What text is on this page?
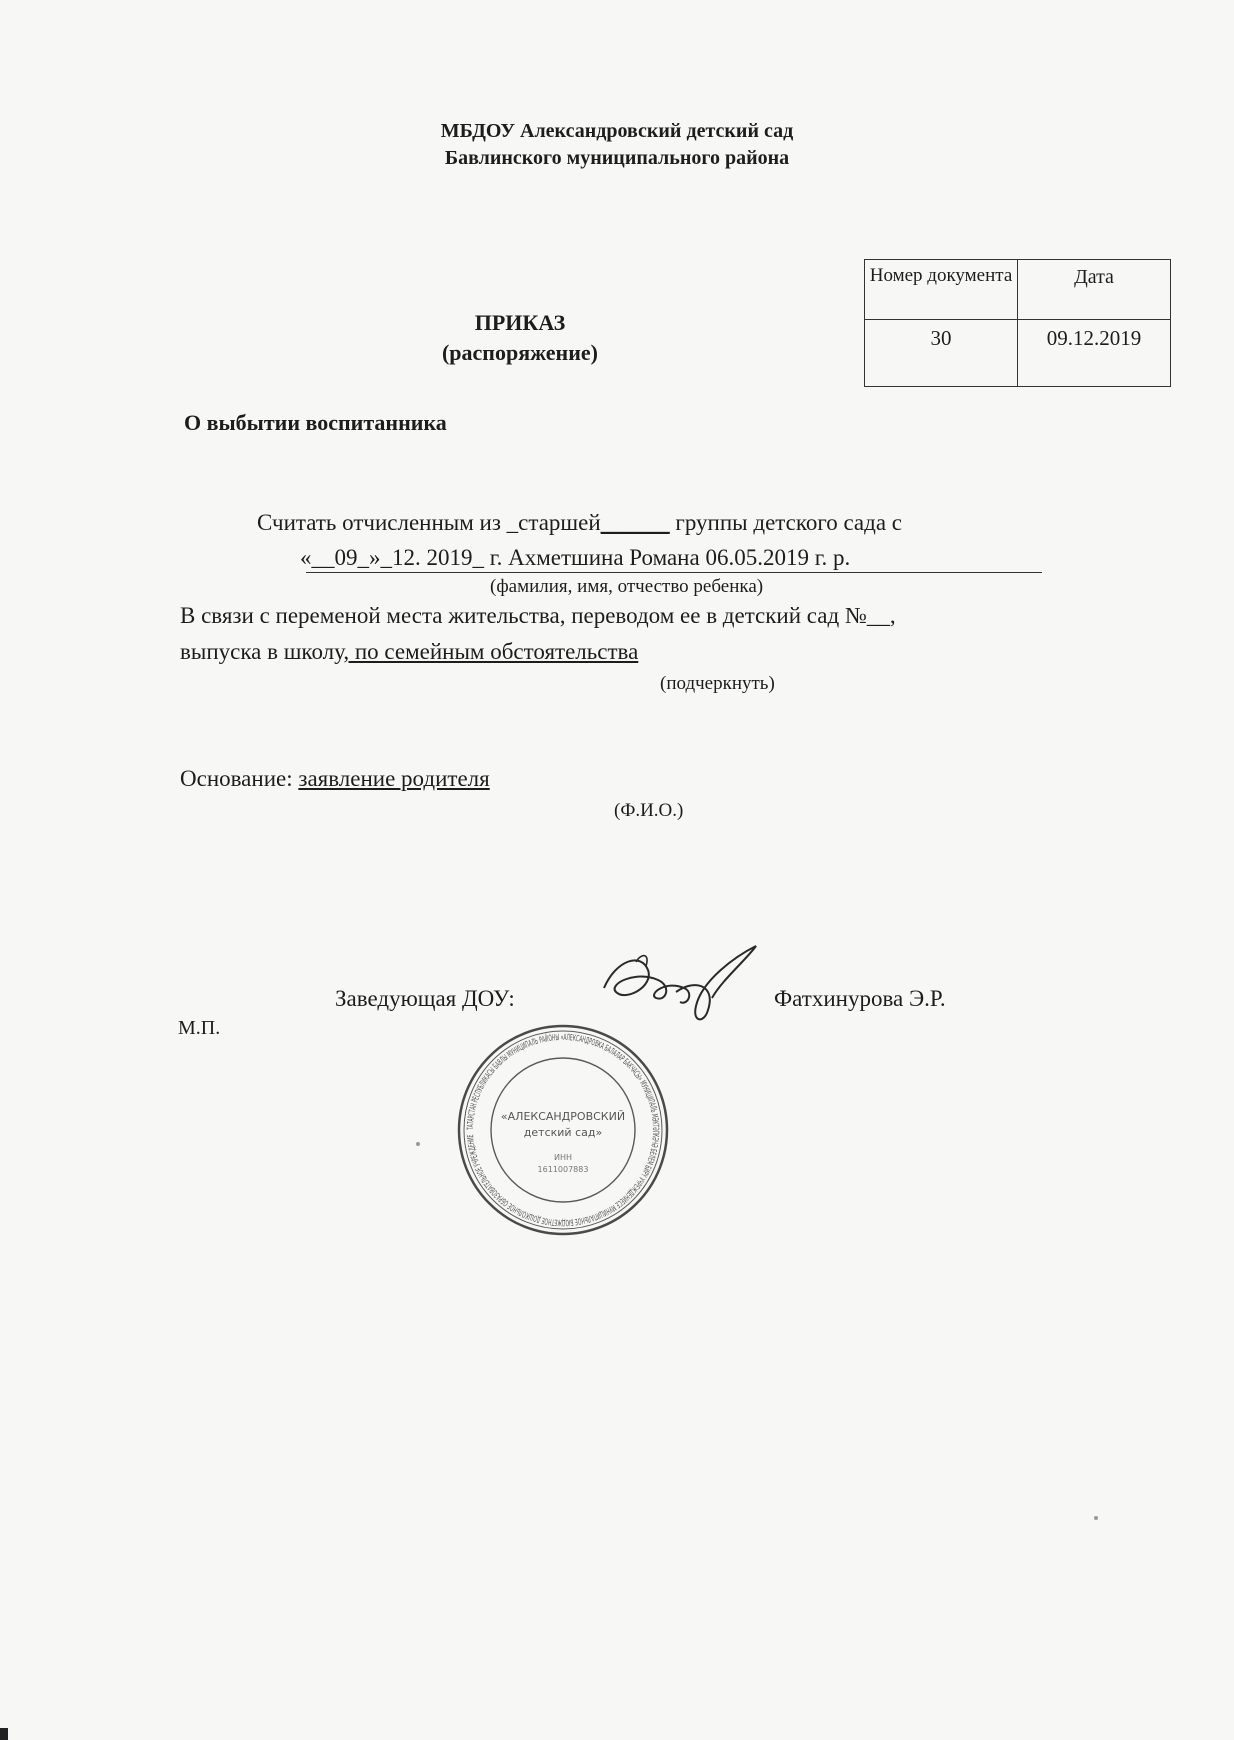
МБДОУ Александровский детский сад
Бавлинского муниципального района
Номер документа	Дата
30	09.12.2019
ПРИКАЗ
(распоряжение)
О выбытии воспитанника
Считать отчисленным из _старшей______ группы детского сада с
«__09_»_12. 2019_ г. Ахметшина Романа 06.05.2019 г. р.
(фамилия, имя, отчество ребенка)
В связи с переменой места жительства, переводом ее в детский сад №__,
выпуска в школу, по семейным обстоятельства
(подчеркнуть)
Основание: заявление родителя
(Ф.И.О.)
Заведующая ДОУ:	Фатхинурова Э.Р.
М.П.
ТАТАРСТАН РЕСПУБЛИКАСЫ БАВЛЫ МУНИЦИПАЛЬ РАЙОНЫ «АЛЕКСАНДРОВКА БАЛАЛАР БАКЧАСЫ» МУНИЦИПАЛЬ МӘКТӘПКӘЧӘ БЕЛЕМ БИРҮ УЧРЕЖДЕНИЕСЕ МУНИЦИПАЛЬНОЕ БЮДЖЕТНОЕ ДОШКОЛЬНОЕ ОБРАЗОВАТЕЛЬНОЕ УЧРЕЖДЕНИЕ
«АЛЕКСАНДРОВСКИЙ
детский сад»
ИНН
1611007883
